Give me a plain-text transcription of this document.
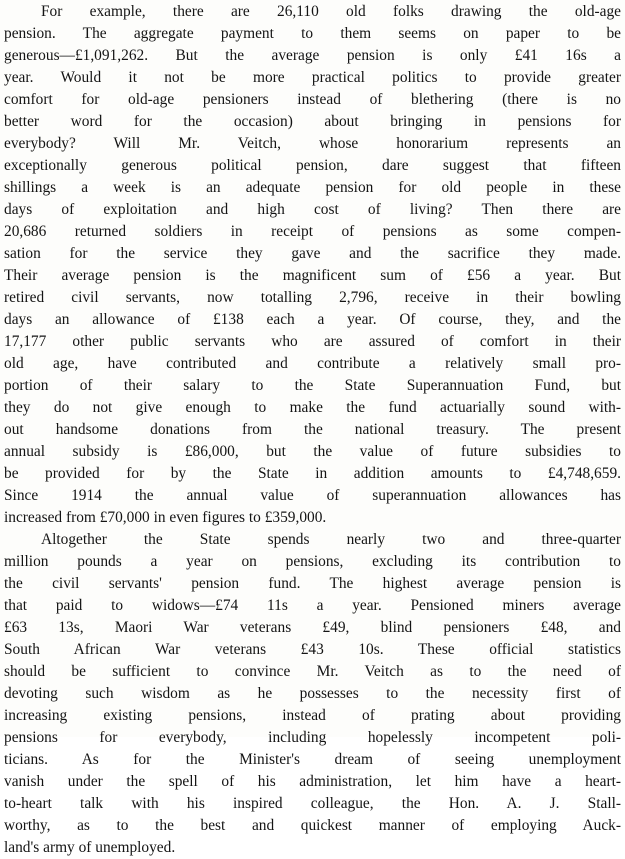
For example, there are 26,110 old folks drawing the old-age
pension. The aggregate payment to them seems on paper to be
generous—£1,091,262. But the average pension is only £41 16s a
year. Would it not be more practical politics to provide greater
comfort for old-age pensioners instead of blethering (there is no
better word for the occasion) about bringing in pensions for
everybody? Will Mr. Veitch, whose honorarium represents an
exceptionally generous political pension, dare suggest that fifteen
shillings a week is an adequate pension for old people in these
days of exploitation and high cost of living? Then there are
20,686 returned soldiers in receipt of pensions as some compen-
sation for the service they gave and the sacrifice they made.
Their average pension is the magnificent sum of £56 a year. But
retired civil servants, now totalling 2,796, receive in their bowling
days an allowance of £138 each a year. Of course, they, and the
17,177 other public servants who are assured of comfort in their
old age, have contributed and contribute a relatively small pro-
portion of their salary to the State Superannuation Fund, but
they do not give enough to make the fund actuarially sound with-
out handsome donations from the national treasury. The present
annual subsidy is £86,000, but the value of future subsidies to
be provided for by the State in addition amounts to £4,748,659.
Since 1914 the annual value of superannuation allowances has
increased from £70,000 in even figures to £359,000.
Altogether the State spends nearly two and three-quarter
million pounds a year on pensions, excluding its contribution to
the civil servants' pension fund. The highest average pension is
that paid to widows—£74 11s a year. Pensioned miners average
£63 13s, Maori War veterans £49, blind pensioners £48, and
South African War veterans £43 10s. These official statistics
should be sufficient to convince Mr. Veitch as to the need of
devoting such wisdom as he possesses to the necessity first of
increasing existing pensions, instead of prating about providing
pensions for everybody, including hopelessly incompetent poli-
ticians. As for the Minister's dream of seeing unemployment
vanish under the spell of his administration, let him have a heart-
to-heart talk with his inspired colleague, the Hon. A. J. Stall-
worthy, as to the best and quickest manner of employing Auck-
land's army of unemployed.
